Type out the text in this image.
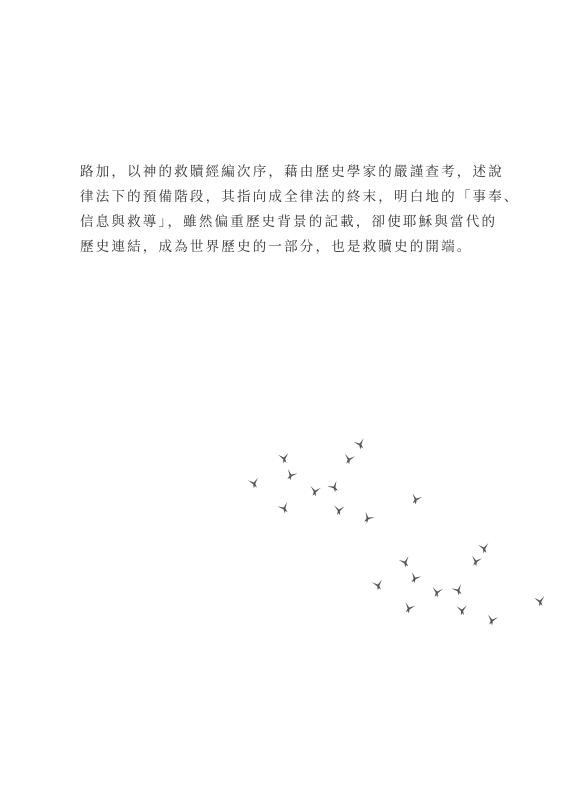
路加，以神的救贖經編次序，藉由歷史學家的嚴謹查考，述說
律法下的預備階段，其指向成全律法的終末，明白地的「事奉、
信息與救導」，雖然偏重歷史背景的記載，卻使耶穌與當代的
歷史連結，成為世界歷史的一部分，也是救贖史的開端。
